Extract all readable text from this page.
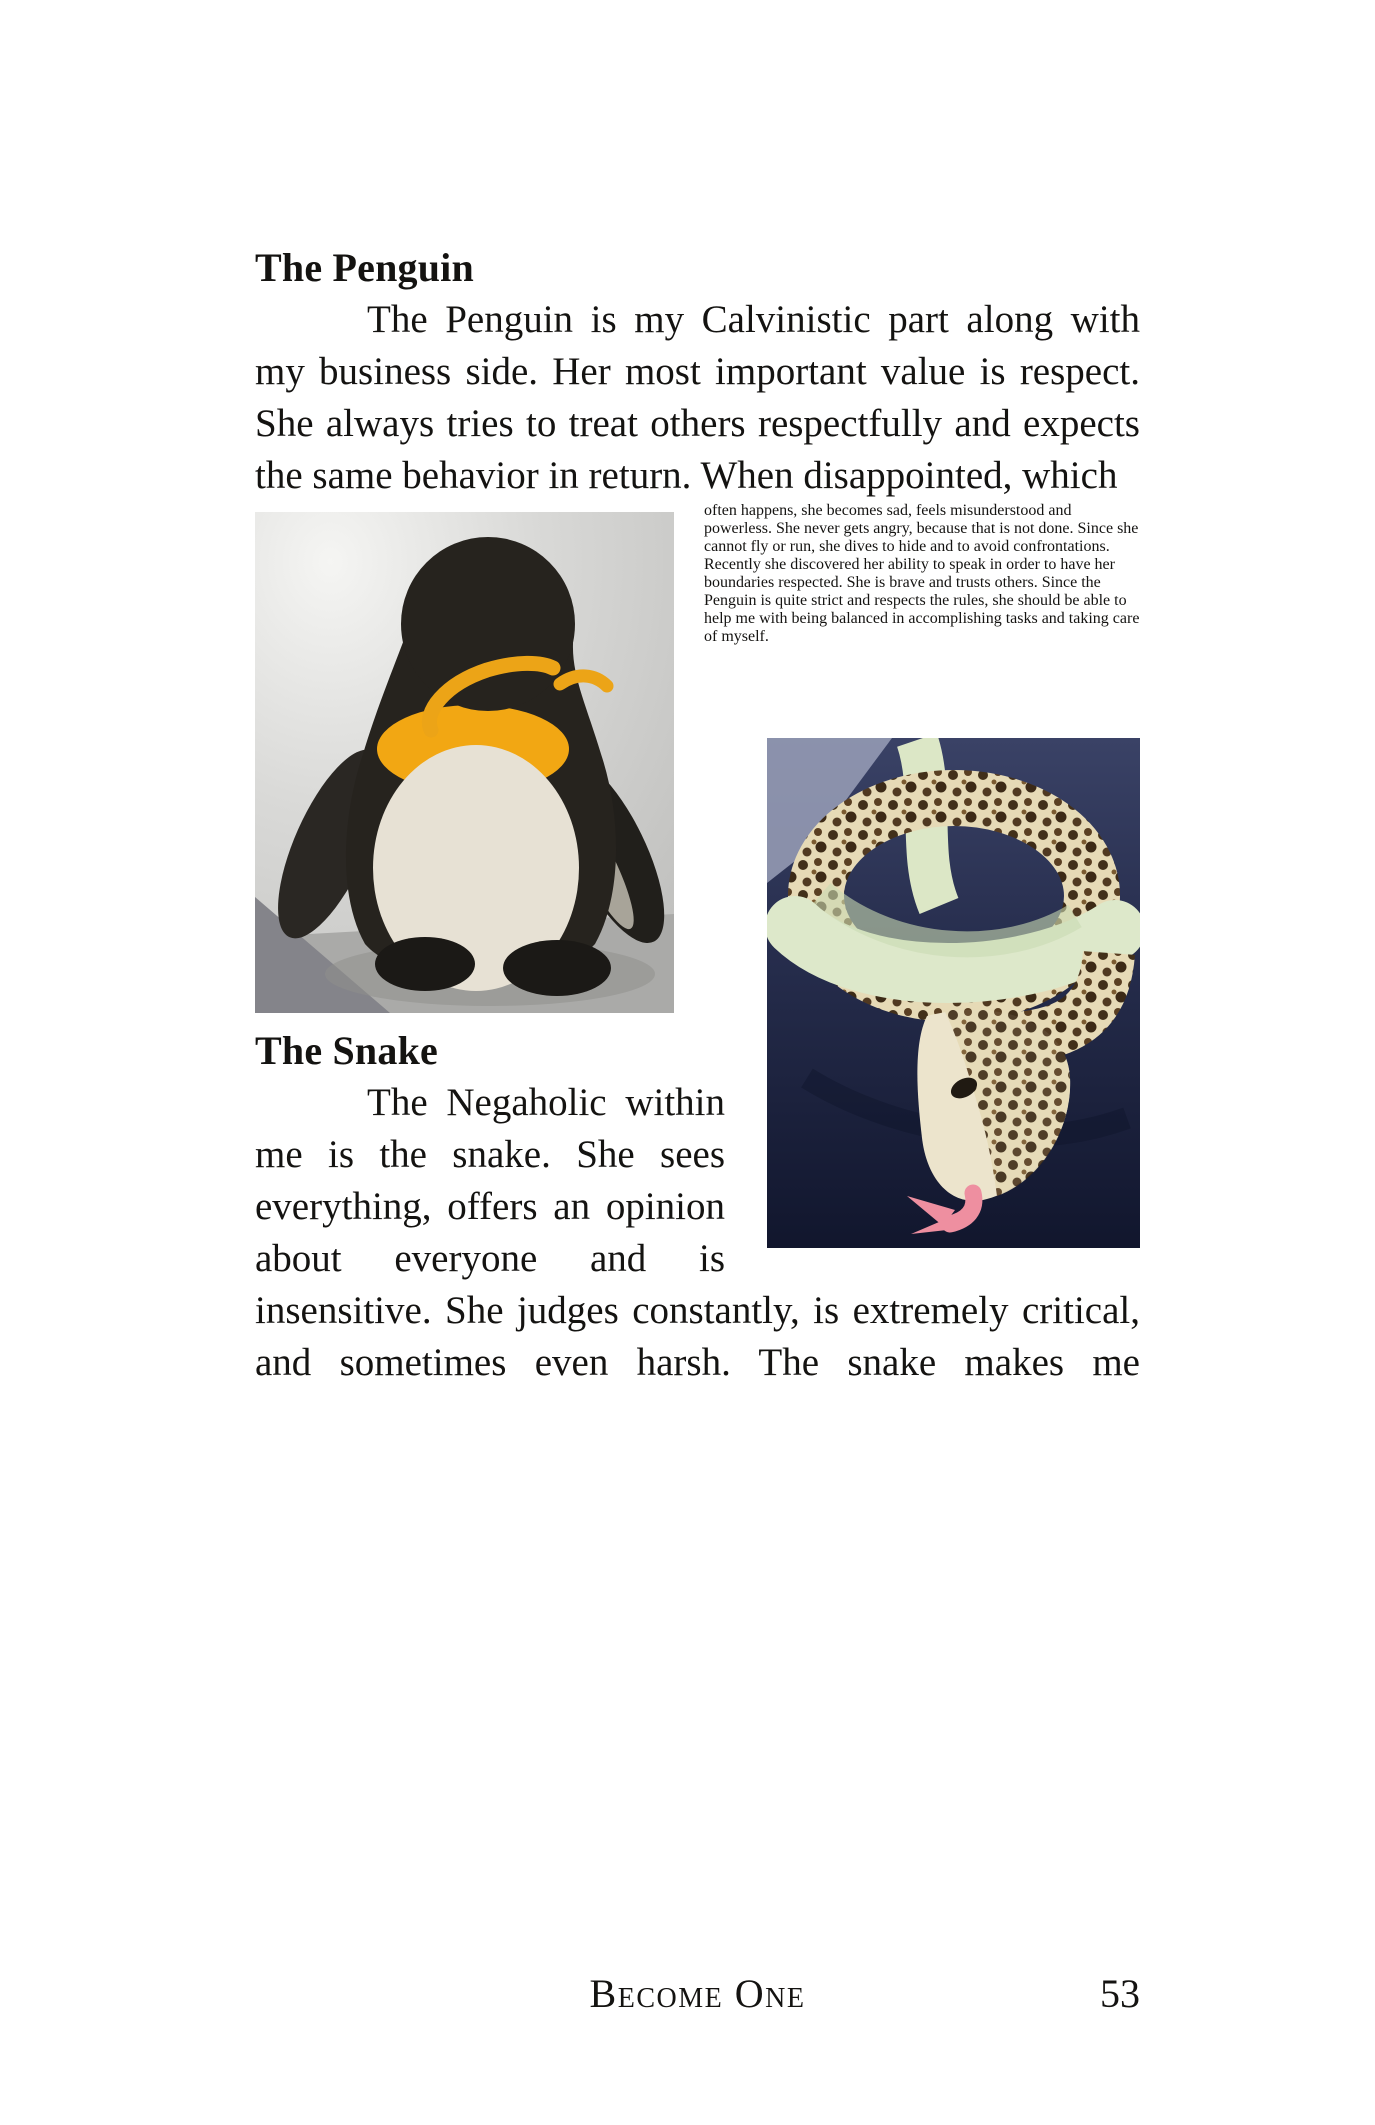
The Penguin

The Penguin is my Calvinistic part along with my business side. Her most important value is respect. She always tries to treat others respectfully and expects the same behavior in return. When disappointed, which

often happens, she becomes sad, feels misunderstood and powerless. She never gets angry, because that is not done. Since she cannot fly or run, she dives to hide and to avoid confrontations. Recently she discovered her ability to speak in order to have her boundaries respected. She is brave and trusts others. Since the Penguin is quite strict and respects the rules, she should be able to help me with being balanced in accomplishing tasks and taking care of myself.

The Snake

The Negaholic within me is the snake. She sees everything, offers an opinion about everyone and is insensitive. She judges constantly, is extremely critical, and sometimes even harsh. The snake makes me

Become One	53
